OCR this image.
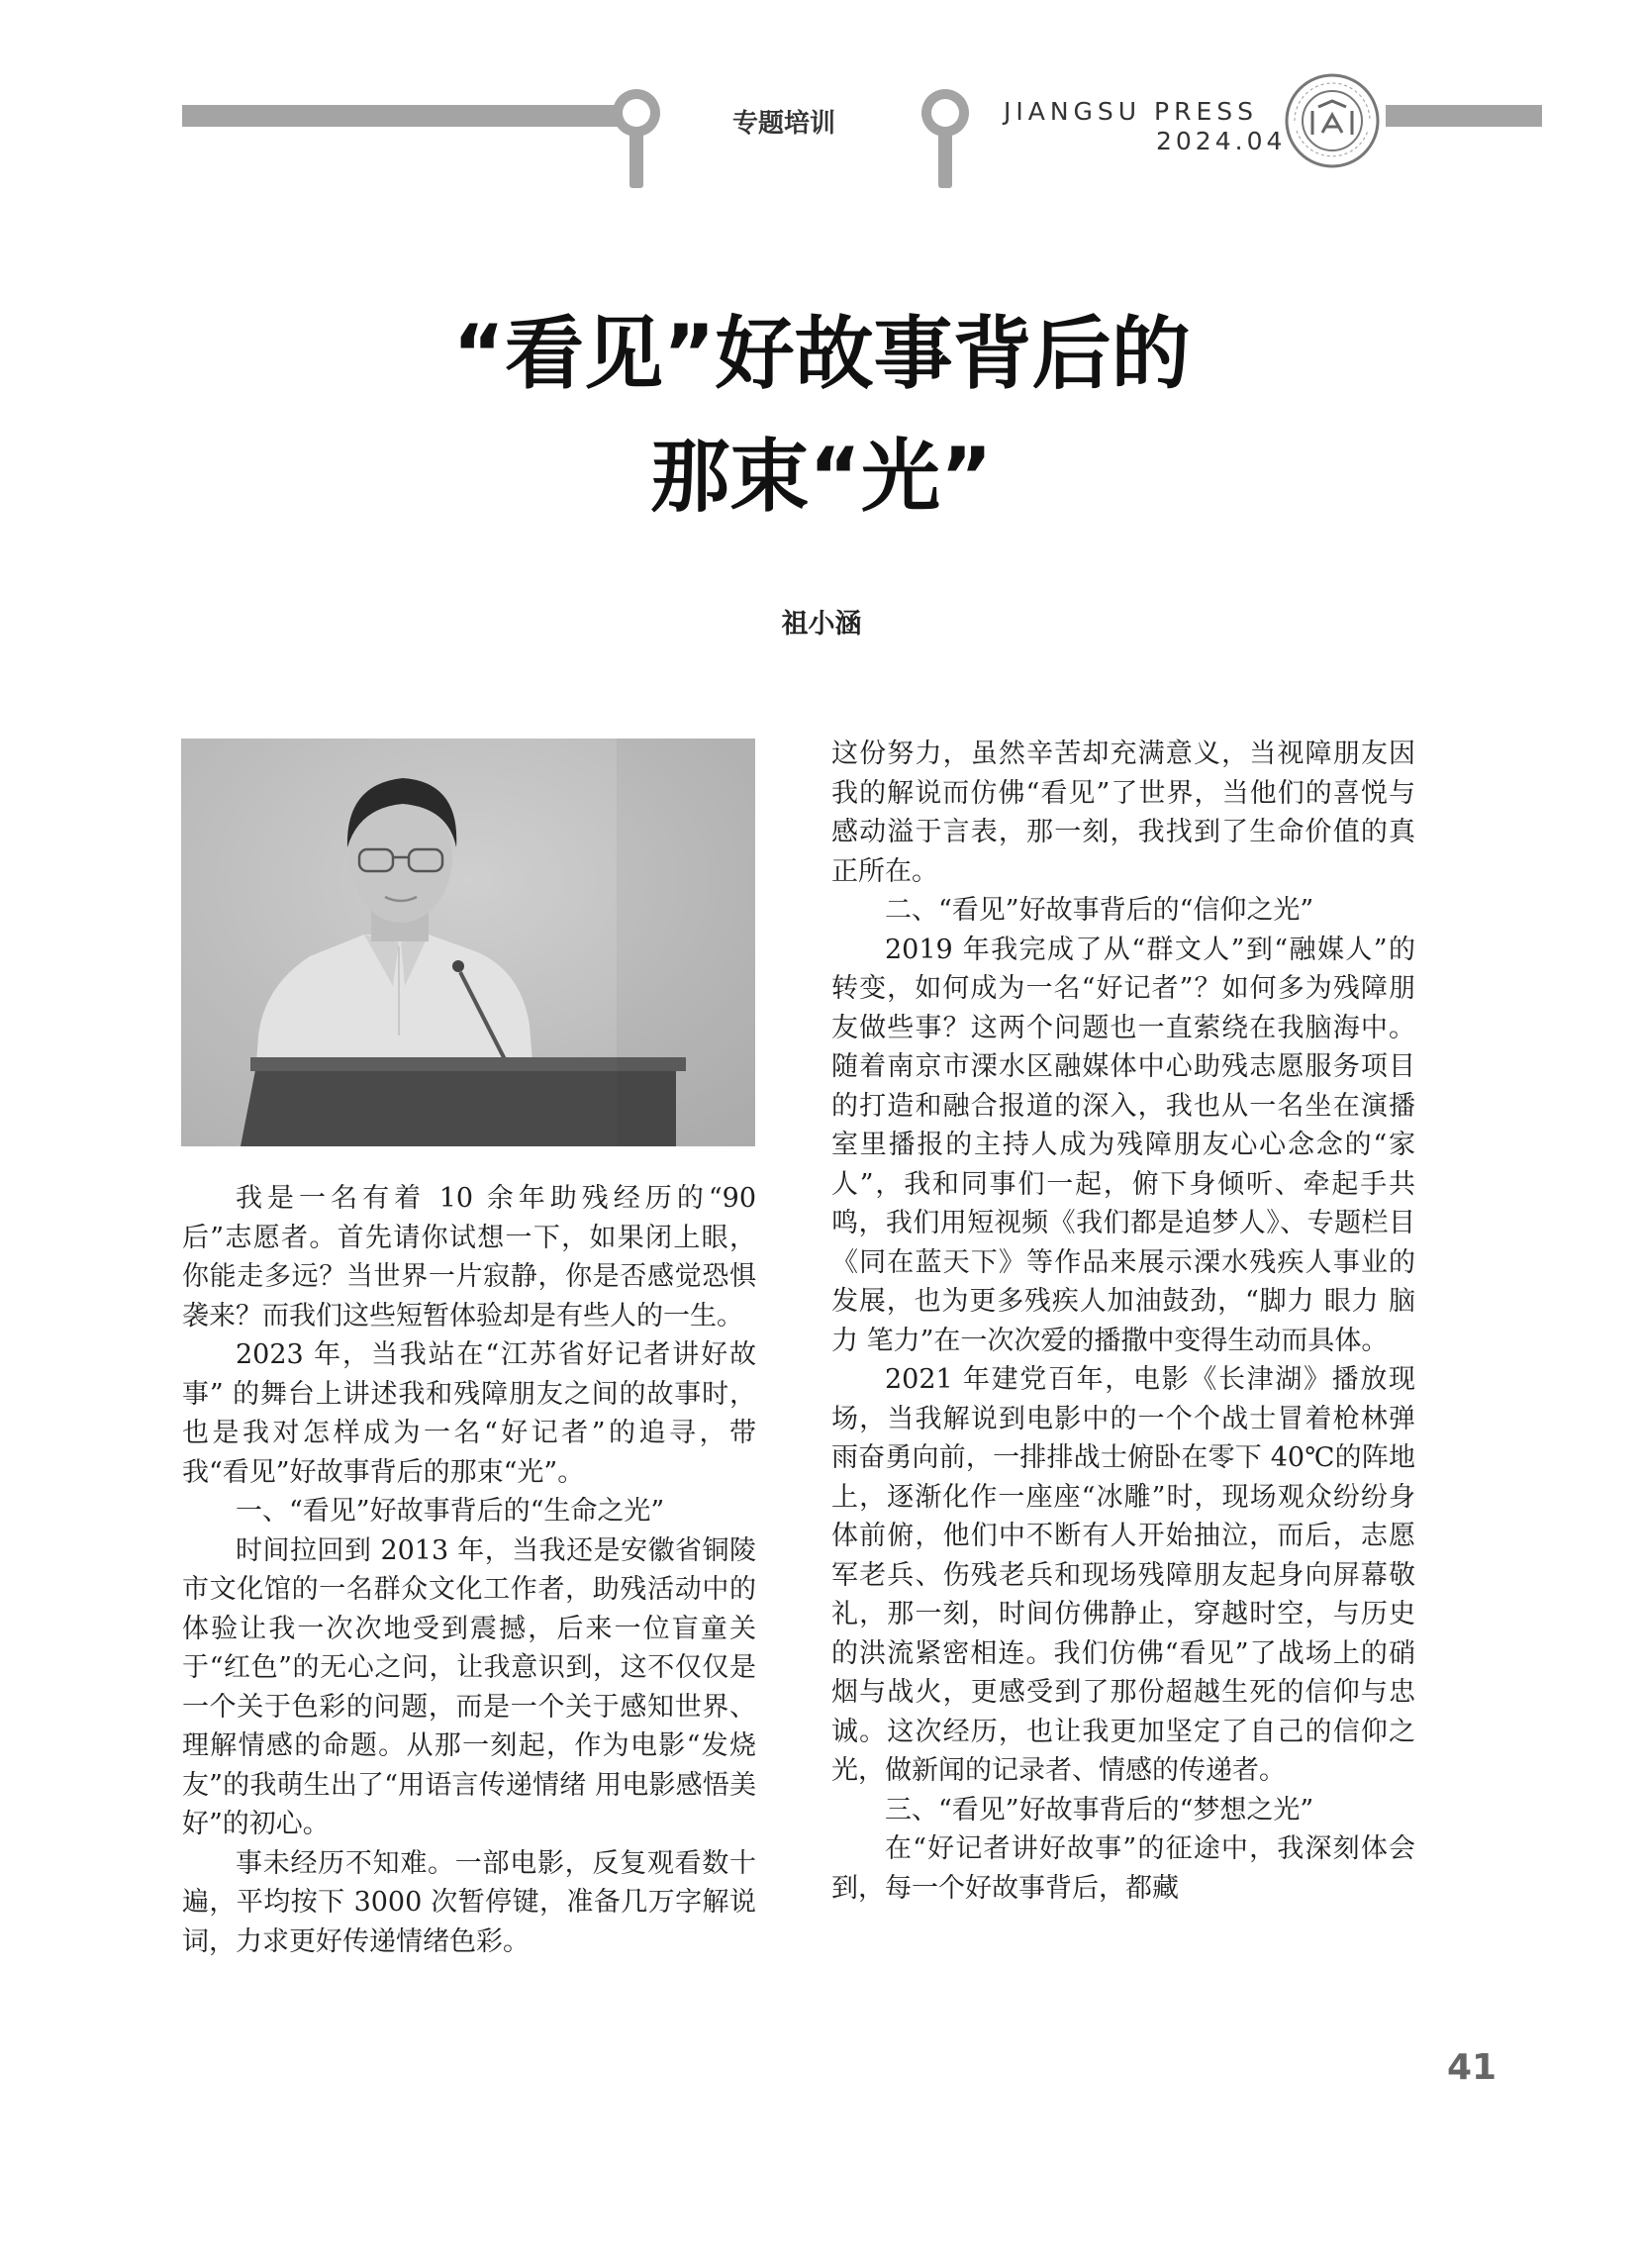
专题培训	JIANGSU PRESS
2024.04
“看见”好故事背后的
那束“光”
祖小涵

我是一名有着 10 余年助残经历的“90 后”志愿者。首先请你试想一下，如果闭上眼，你能走多远？当世界一片寂静，你是否感觉恐惧袭来？而我们这些短暂体验却是有些人的一生。

2023 年，当我站在“江苏省好记者讲好故事” 的舞台上讲述我和残障朋友之间的故事时，也是我对怎样成为一名“好记者”的追寻，带我“看见”好故事背后的那束“光”。

一、“看见”好故事背后的“生命之光”

时间拉回到 2013 年，当我还是安徽省铜陵市文化馆的一名群众文化工作者，助残活动中的体验让我一次次地受到震撼，后来一位盲童关于“红色”的无心之问，让我意识到，这不仅仅是一个关于色彩的问题，而是一个关于感知世界、理解情感的命题。从那一刻起，作为电影“发烧友”的我萌生出了“用语言传递情绪 用电影感悟美好”的初心。

事未经历不知难。一部电影，反复观看数十遍，平均按下 3000 次暂停键，准备几万字解说词，力求更好传递情绪色彩。

这份努力，虽然辛苦却充满意义，当视障朋友因我的解说而仿佛“看见”了世界，当他们的喜悦与感动溢于言表，那一刻，我找到了生命价值的真正所在。

二、“看见”好故事背后的“信仰之光”

2019 年我完成了从“群文人”到“融媒人”的转变，如何成为一名“好记者”？如何多为残障朋友做些事？这两个问题也一直萦绕在我脑海中。随着南京市溧水区融媒体中心助残志愿服务项目的打造和融合报道的深入，我也从一名坐在演播室里播报的主持人成为残障朋友心心念念的“家人”，我和同事们一起，俯下身倾听、牵起手共鸣，我们用短视频《我们都是追梦人》、专题栏目《同在蓝天下》等作品来展示溧水残疾人事业的发展，也为更多残疾人加油鼓劲，“脚力 眼力 脑力 笔力”在一次次爱的播撒中变得生动而具体。

2021 年建党百年，电影《长津湖》播放现场，当我解说到电影中的一个个战士冒着枪林弹雨奋勇向前，一排排战士俯卧在零下 40℃的阵地上，逐渐化作一座座“冰雕”时，现场观众纷纷身体前俯，他们中不断有人开始抽泣，而后，志愿军老兵、伤残老兵和现场残障朋友起身向屏幕敬礼，那一刻，时间仿佛静止，穿越时空，与历史的洪流紧密相连。我们仿佛“看见”了战场上的硝烟与战火，更感受到了那份超越生死的信仰与忠诚。这次经历，也让我更加坚定了自己的信仰之光，做新闻的记录者、情感的传递者。

三、“看见”好故事背后的“梦想之光”

在“好记者讲好故事”的征途中，我深刻体会到，每一个好故事背后，都藏

41
